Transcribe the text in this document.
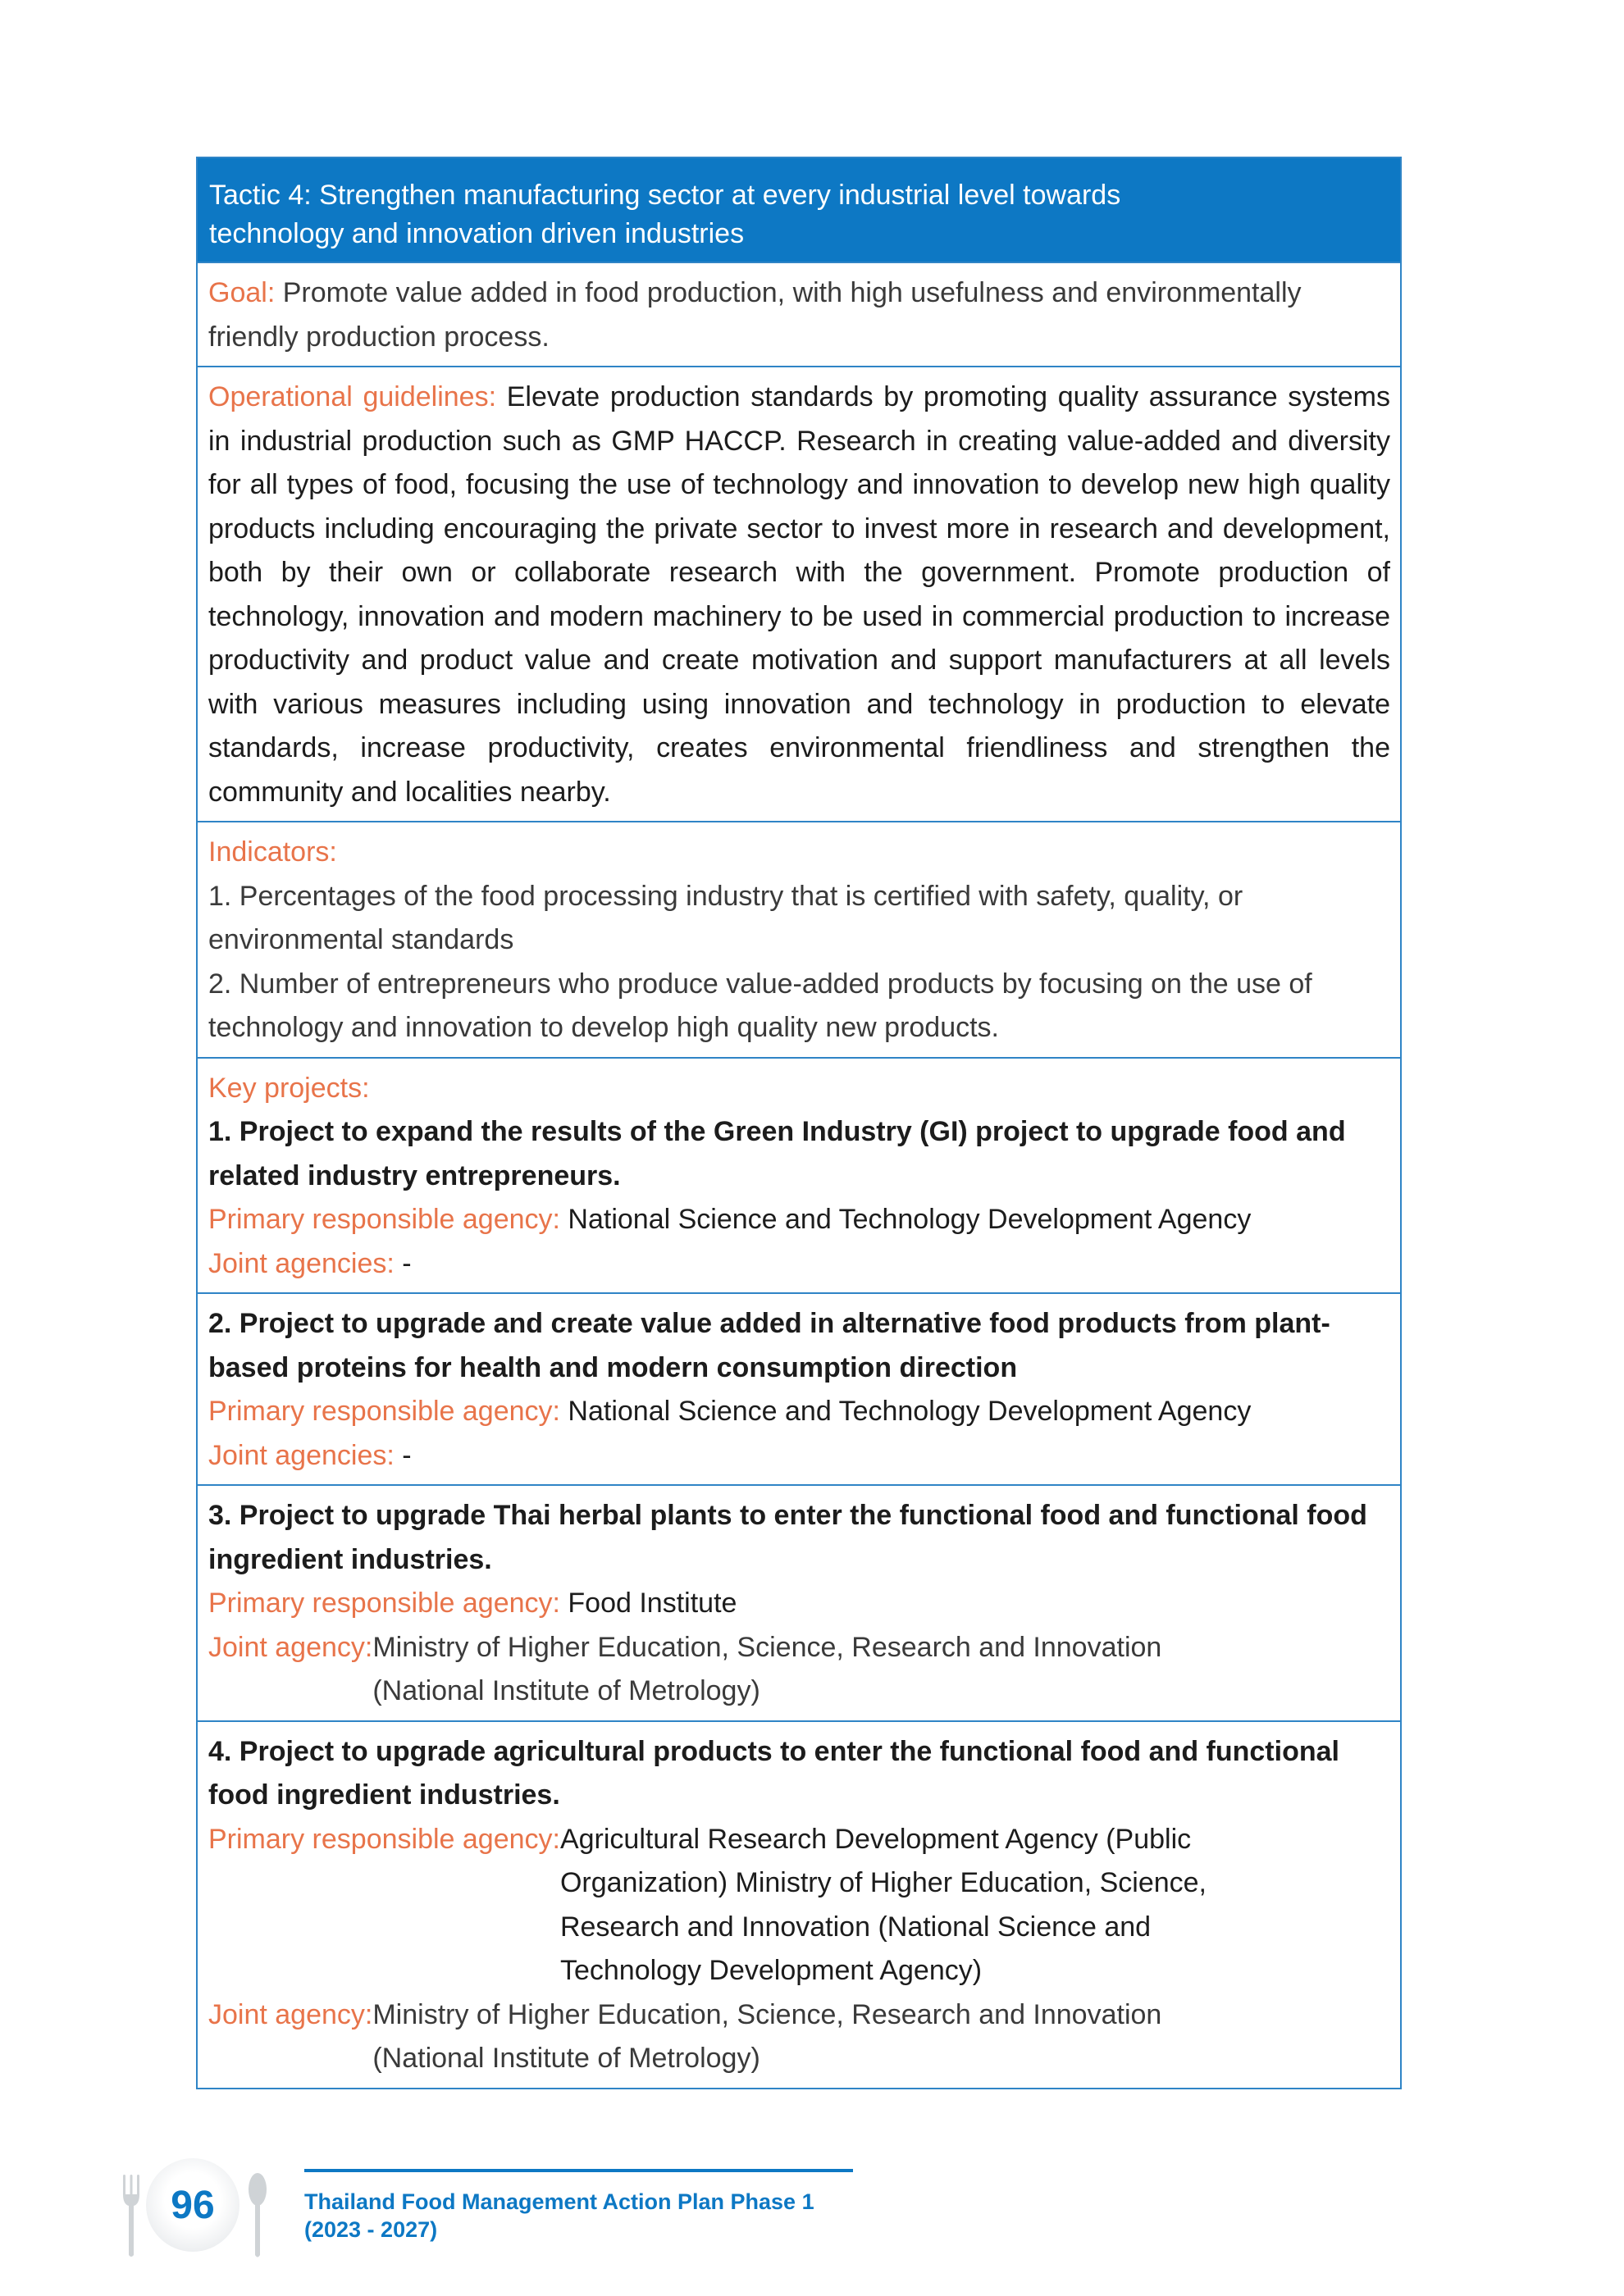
Tactic 4: Strengthen manufacturing sector at every industrial level towards
technology and innovation driven industries
Goal: Promote value added in food production, with high usefulness and environmentally friendly production process.
Operational guidelines: Elevate production standards by promoting quality assurance systems in industrial production such as GMP HACCP. Research in creating value-added and diversity for all types of food, focusing the use of technology and innovation to develop new high quality products including encouraging the private sector to invest more in research and development, both by their own or collaborate research with the government. Promote production of technology, innovation and modern machinery to be used in commercial production to increase productivity and product value and create motivation and support manufacturers at all levels with various measures including using innovation and technology in production to elevate standards, increase productivity, creates environmental friendliness and strengthen the community and localities nearby.
Indicators:
1. Percentages of the food processing industry that is certified with safety, quality, or environmental standards
2. Number of entrepreneurs who produce value-added products by focusing on the use of technology and innovation to develop high quality new products.
Key projects:
1. Project to expand the results of the Green Industry (GI) project to upgrade food and related industry entrepreneurs.
Primary responsible agency: National Science and Technology Development Agency
Joint agencies: -
2. Project to upgrade and create value added in alternative food products from plant-based proteins for health and modern consumption direction
Primary responsible agency: National Science and Technology Development Agency
Joint agencies: -
3. Project to upgrade Thai herbal plants to enter the functional food and functional food ingredient industries.
Primary responsible agency: Food Institute
Joint agency: Ministry of Higher Education, Science, Research and Innovation
(National Institute of Metrology)
4. Project to upgrade agricultural products to enter the functional food and functional food ingredient industries.
Primary responsible agency: Agricultural Research Development Agency (Public
Organization) Ministry of Higher Education, Science,
Research and Innovation (National Science and
Technology Development Agency)
Joint agency: Ministry of Higher Education, Science, Research and Innovation
(National Institute of Metrology)
96	Thailand Food Management Action Plan Phase 1
(2023 - 2027)
